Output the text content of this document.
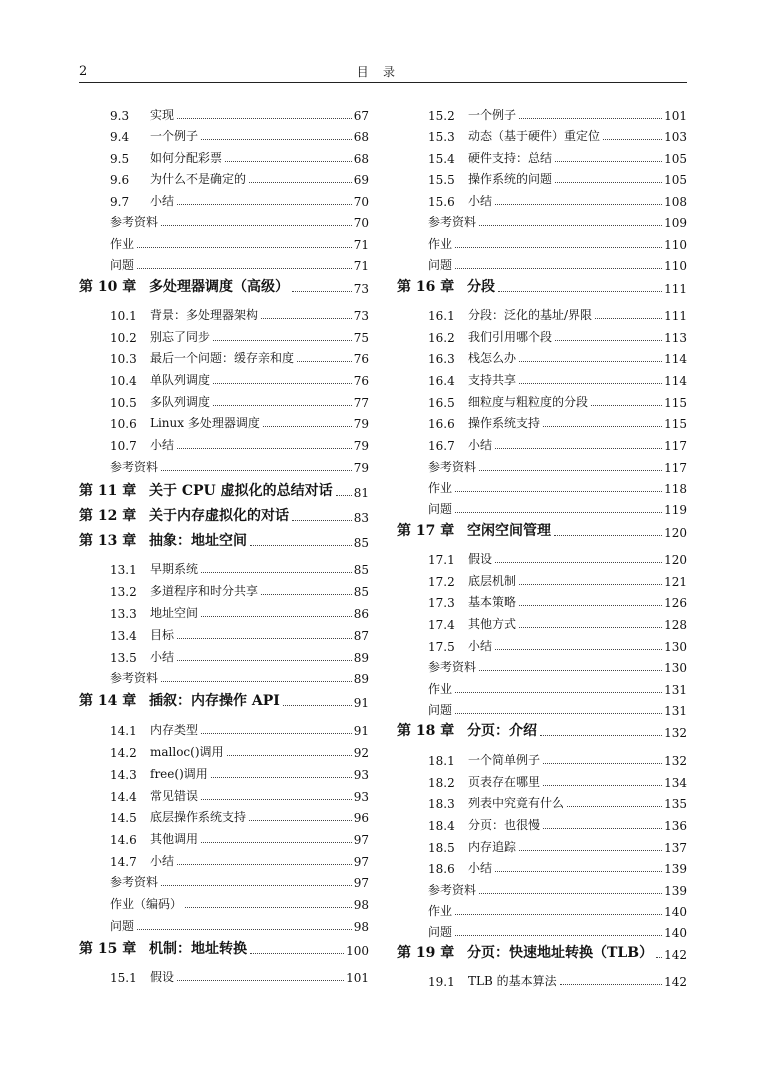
2	目录
9.3	实现	67
9.4	一个例子	68
9.5	如何分配彩票	68
9.6	为什么不是确定的	69
9.7	小结	70
参考资料	70
作业	71
问题	71
第 10 章 多处理器调度（高级）	73
10.1	背景：多处理器架构	73
10.2	别忘了同步	75
10.3	最后一个问题：缓存亲和度	76
10.4	单队列调度	76
10.5	多队列调度	77
10.6	Linux 多处理器调度	79
10.7	小结	79
参考资料	79
第 11 章 关于 CPU 虚拟化的总结对话 81
第 12 章 关于内存虚拟化的对话	83
第 13 章 抽象：地址空间	85
13.1	早期系统	85
13.2	多道程序和时分共享	85
13.3	地址空间	86
13.4	目标	87
13.5	小结	89
参考资料	89
第 14 章 插叙：内存操作 API	91
14.1	内存类型	91
14.2	malloc()调用	92
14.3	free()调用	93
14.4	常见错误	93
14.5	底层操作系统支持	96
14.6	其他调用	97
14.7	小结	97
参考资料	97
作业（编码）	98
问题	98
第 15 章 机制：地址转换	100
15.1	假设	101
15.2	一个例子	101
15.3	动态（基于硬件）重定位	103
15.4	硬件支持：总结	105
15.5	操作系统的问题	105
15.6	小结	108
参考资料	109
作业	110
问题	110
第 16 章 分段	111
16.1	分段：泛化的基址/界限	111
16.2	我们引用哪个段	113
16.3	栈怎么办	114
16.4	支持共享	114
16.5	细粒度与粗粒度的分段	115
16.6	操作系统支持	115
16.7	小结	117
参考资料	117
作业	118
问题	119
第 17 章 空闲空间管理	120
17.1	假设	120
17.2	底层机制	121
17.3	基本策略	126
17.4	其他方式	128
17.5	小结	130
参考资料	130
作业	131
问题	131
第 18 章 分页：介绍	132
18.1	一个简单例子	132
18.2	页表存在哪里	134
18.3	列表中究竟有什么	135
18.4	分页：也很慢	136
18.5	内存追踪	137
18.6	小结	139
参考资料	139
作业	140
问题	140
第 19 章 分页：快速地址转换（TLB） 142
19.1	TLB 的基本算法	142
